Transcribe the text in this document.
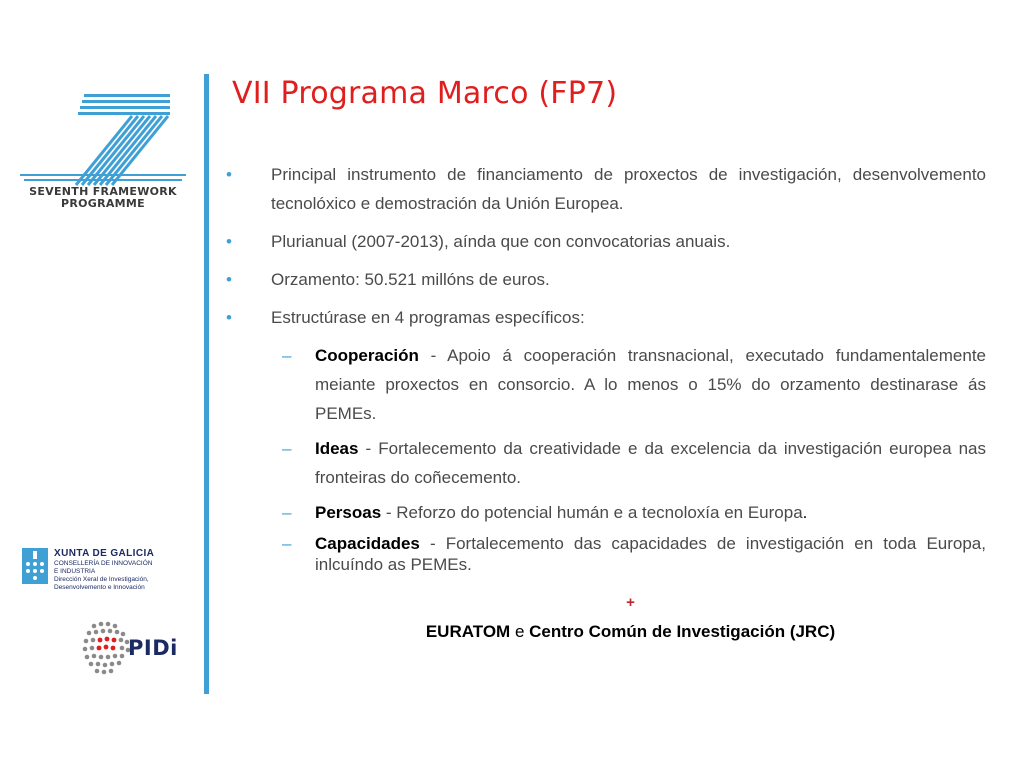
SEVENTH FRAMEWORK
PROGRAMME
XUNTA DE GALICIA
CONSELLERÍA DE INNOVACIÓN
E INDUSTRIA
Dirección Xeral de Investigación,
Desenvolvemento e Innovación
PIDi
VII Programa Marco (FP7)
•	Principal instrumento de financiamento de proxectos de investigación, desenvolvemento tecnolóxico e demostración da Unión Europea.
•	Plurianual (2007-2013), aínda que con convocatorias anuais.
•	Orzamento: 50.521 millóns de euros.
•	Estructúrase en 4 programas específicos:
– Cooperación - Apoio á cooperación transnacional, executado fundamentalemente meiante proxectos en consorcio. A lo menos o 15% do orzamento destinarase ás PEMEs.
– Ideas - Fortalecemento da creatividade e da excelencia da investigación europea nas fronteiras do coñecemento.
– Persoas - Reforzo do potencial humán e a tecnoloxía en Europa.
– Capacidades - Fortalecemento das capacidades de investigación en toda Europa, inlcuíndo as PEMEs.
+
EURATOM e Centro Común de Investigación (JRC)
